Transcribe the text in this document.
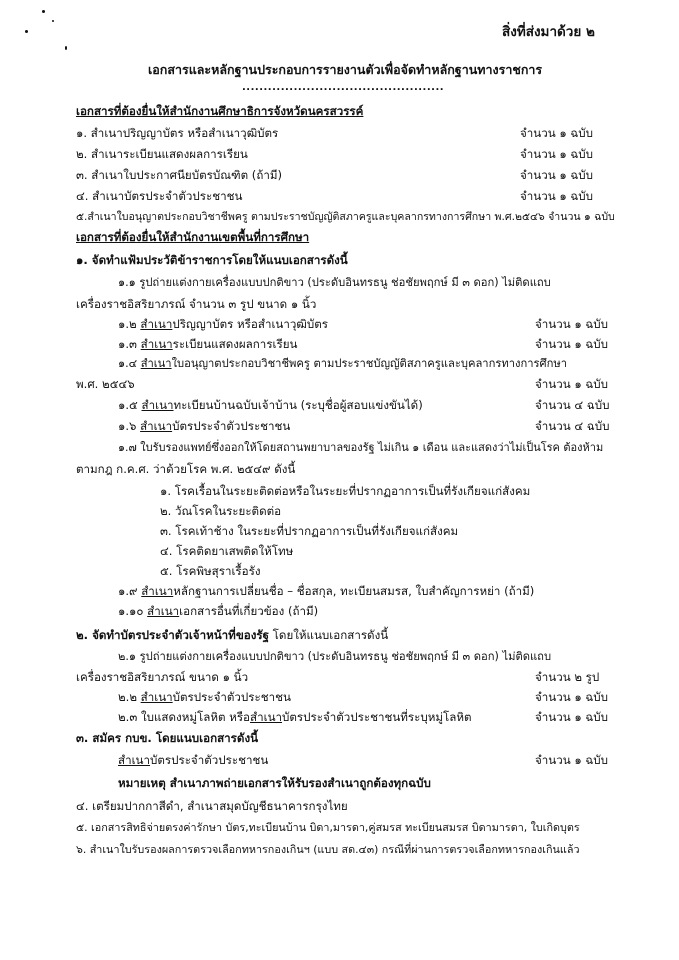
สิ่งที่ส่งมาด้วย ๒
เอกสารและหลักฐานประกอบการรายงานตัวเพื่อจัดทำหลักฐานทางราชการ
...............................................
เอกสารที่ต้องยื่นให้สำนักงานศึกษาธิการจังหวัดนครสวรรค์
๑. สำเนาปริญญาบัตร หรือสำเนาวุฒิบัตร	จำนวน ๑ ฉบับ
๒. สำเนาระเบียนแสดงผลการเรียน	จำนวน ๑ ฉบับ
๓. สำเนาใบประกาศนียบัตรบัณฑิต (ถ้ามี)	จำนวน ๑ ฉบับ
๔. สำเนาบัตรประจำตัวประชาชน	จำนวน ๑ ฉบับ
๕.สำเนาใบอนุญาตประกอบวิชาชีพครู ตามประราชบัญญัติสภาครูและบุคลากรทางการศึกษา พ.ศ.๒๕๔๖ จำนวน ๑ ฉบับ
เอกสารที่ต้องยื่นให้สำนักงานเขตพื้นที่การศึกษา
๑. จัดทำแฟ้มประวัติข้าราชการโดยให้แนบเอกสารดังนี้
๑.๑ รูปถ่ายแต่งกายเครื่องแบบปกติขาว (ประดับอินทรธนู ช่อชัยพฤกษ์ มี ๓ ดอก) ไม่ติดแถบ
เครื่องราชอิสริยาภรณ์ จำนวน ๓ รูป ขนาด ๑ นิ้ว
๑.๒ สำเนาปริญญาบัตร หรือสำเนาวุฒิบัตร	จำนวน ๑ ฉบับ
๑.๓ สำเนาระเบียนแสดงผลการเรียน	จำนวน ๑ ฉบับ
๑.๔ สำเนาใบอนุญาตประกอบวิชาชีพครู ตามประราชบัญญัติสภาครูและบุคลากรทางการศึกษา
พ.ศ. ๒๕๔๖	จำนวน ๑ ฉบับ
๑.๕ สำเนาทะเบียนบ้านฉบับเจ้าบ้าน (ระบุชื่อผู้สอบแข่งขันได้)	จำนวน ๔ ฉบับ
๑.๖ สำเนาบัตรประจำตัวประชาชน	จำนวน ๔ ฉบับ
๑.๗ ใบรับรองแพทย์ซึ่งออกให้โดยสถานพยาบาลของรัฐ ไม่เกิน ๑ เดือน และแสดงว่าไม่เป็นโรค ต้องห้าม
ตามกฎ ก.ค.ศ. ว่าด้วยโรค พ.ศ. ๒๕๔๙ ดังนี้
๑. โรคเรื้อนในระยะติดต่อหรือในระยะที่ปรากฏอาการเป็นที่รังเกียจแก่สังคม
๒. วัณโรคในระยะติดต่อ
๓. โรคเท้าช้าง ในระยะที่ปรากฏอาการเป็นที่รังเกียจแก่สังคม
๔. โรคติดยาเสพติดให้โทษ
๕. โรคพิษสุราเรื้อรัง
๑.๙ สำเนาหลักฐานการเปลี่ยนชื่อ – ชื่อสกุล, ทะเบียนสมรส, ใบสำคัญการหย่า (ถ้ามี)
๑.๑๐ สำเนาเอกสารอื่นที่เกี่ยวข้อง (ถ้ามี)
๒. จัดทำบัตรประจำตัวเจ้าหน้าที่ของรัฐ โดยให้แนบเอกสารดังนี้
๒.๑ รูปถ่ายแต่งกายเครื่องแบบปกติขาว (ประดับอินทรธนู ช่อชัยพฤกษ์ มี ๓ ดอก) ไม่ติดแถบ
เครื่องราชอิสริยาภรณ์ ขนาด ๑ นิ้ว	จำนวน ๒ รูป
๒.๒ สำเนาบัตรประจำตัวประชาชน	จำนวน ๑ ฉบับ
๒.๓ ใบแสดงหมู่โลหิต หรือสำเนาบัตรประจำตัวประชาชนที่ระบุหมู่โลหิต	จำนวน ๑ ฉบับ
๓. สมัคร กบข. โดยแนบเอกสารดังนี้
สำเนาบัตรประจำตัวประชาชน	จำนวน ๑ ฉบับ
หมายเหตุ สำเนาภาพถ่ายเอกสารให้รับรองสำเนาถูกต้องทุกฉบับ
๔. เตรียมปากกาสีดำ, สำเนาสมุดบัญชีธนาคารกรุงไทย
๕. เอกสารสิทธิจ่ายตรงค่ารักษา บัตร,ทะเบียนบ้าน บิดา,มารดา,คู่สมรส ทะเบียนสมรส บิดามารดา, ใบเกิดบุตร
๖. สำเนาใบรับรองผลการตรวจเลือกทหารกองเกินฯ (แบบ สด.๔๓) กรณีที่ผ่านการตรวจเลือกทหารกองเกินแล้ว
